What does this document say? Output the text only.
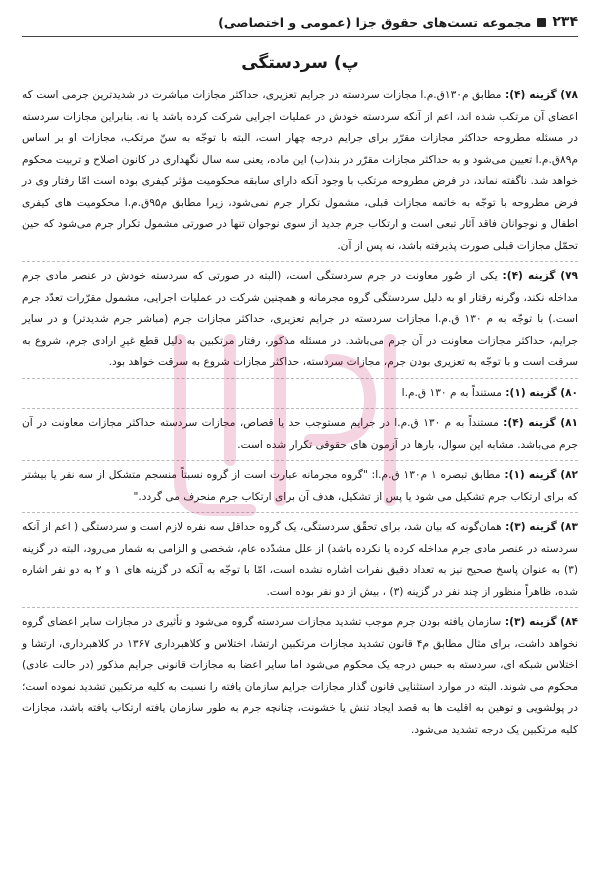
۲۳۴
مجموعه تست‌های حقوق جزا (عمومی و اختصاصی)
پ) سردستگی

۷۸) گزینه (۴): مطابق م۱۳۰ق.م.ا مجازات سردسته در جرایم تعزیری، حداکثر مجازات مباشرت در شدیدترین جرمی است که اعضای آن مرتکب شده اند، اعم از آنکه سردسته خودش در عملیات اجرایی شرکت کرده باشد یا نه. بنابراین مجازات سردسته در مسئله مطروحه حداکثر مجازات مقرّر برای جرایم درجه چهار است، البته با توجّه به سنّ مرتکب، مجازات او بر اساس م۸۹ق.م.ا تعیین می‌شود و به حداکثر مجازات مقرّر در بند(ب) این ماده، یعنی سه سال نگهداری در کانون اصلاح و تربیت محکوم خواهد شد. ناگفته نماند، در فرض مطروحه مرتکب با وجود آنکه دارای سابقه محکومیت مؤثر کیفری بوده است امّا رفتار وی در فرض مطروحه با توجّه به خاتمه مجازات قبلی، مشمول تکرار جرم نمی‌شود، زیرا مطابق م۹۵ق.م.ا محکومیت های کیفری اطفال و نوجوانان فاقد آثار تبعی است و ارتکاب جرم جدید از سوی نوجوان تنها در صورتی مشمول تکرار جرم می‌شود که حین تحمّل مجازات قبلی صورت پذیرفته باشد، نه پس از آن.

۷۹) گزینه (۴): یکی از صُور معاونت در جرم سردستگی است، (البته در صورتی که سردسته خودش در عنصر مادی جرم مداخله نکند، وگرنه رفتار او به دلیل سردستگی گروه مجرمانه و همچنین شرکت در عملیات اجرایی، مشمول مقرّرات تعدّد جرم است.) با توجّه به م ۱۳۰ ق.م.ا مجازات سردسته در جرایم تعزیری، حداکثر مجازات جرم (مباشر جرم شدیدتر) و در سایر جرایم، حداکثر مجازات معاونت در آن جرم می‌باشد. در مسئله مذکور، رفتار مرتکبین به دلیل قطع غیرِ ارادی جرم، شروع به سرقت است و با توجّه به تعزیری بودن جرم، مجازات سردسته، حداکثر مجازات شروع به سرقت خواهد بود.

۸۰) گزینه (۱): مستنداً به م ۱۳۰ ق.م.ا

۸۱) گزینه (۴): مستنداً به م ۱۳۰ ق.م.ا در جرایم مستوجب حد یا قصاص، مجازات سردسته حداکثر مجازات معاونت در آن جرم می‌باشد. مشابه این سوال، بارها در آزمون های حقوقی تکرار شده است.

۸۲) گزینه (۱): مطابق تبصره ۱ م۱۳۰ ق.م.ا: "گروه مجرمانه عبارت است از گروه نسبتاً منسجم متشکل از سه نفر یا بیشتر که برای ارتکاب جرم تشکیل می شود یا پس از تشکیل، هدف آن برای ارتکاب جرم منحرف می گردد."

۸۳) گزینه (۳): همان‌گونه که بیان شد، برای تحقّق سردستگی، یک گروه حداقل سه نفره لازم است و سردستگی ( اعم از آنکه سردسته در عنصر مادی جرم مداخله کرده یا نکرده باشد) از علل مشدّده عام، شخصی و الزامی به شمار می‌رود، البته در گزینه (۳) به عنوان پاسخ صحیح نیز به تعداد دقیق نفرات اشاره نشده است، امّا با توجّه به آنکه در گزینه های ۱ و ۲ به دو نفر اشاره شده، ظاهراً منظور از چند نفر در گزینه (۳) ، بیش از دو نفر بوده است.

۸۴) گزینه (۳): سازمان یافته بودن جرم موجب تشدید مجازات سردسته گروه می‌شود و تأثیری در مجازات سایر اعضای گروه نخواهد داشت، برای مثال مطابق م۴ قانون تشدید مجازات مرتکبین ارتشا، اختلاس و کلاهبرداری ۱۳۶۷ در کلاهبرداری، ارتشا و اختلاس شبکه ای، سردسته به حبس درجه یک محکوم می‌شود اما سایر اعضا به مجازات قانونی جرایم مذکور (در حالت عادی) محکوم می شوند. البته در موارد استثنایی قانون گذار مجازات جرایم سازمان یافته را نسبت به کلیه مرتکبین تشدید نموده است؛ در پولشویی و توهین به اقلیت ها به قصد ایجاد تنش یا خشونت، چنانچه جرم به طور سازمان یافته ارتکاب یافته باشد، مجازات کلیه مرتکبین یک درجه تشدید می‌شود.
